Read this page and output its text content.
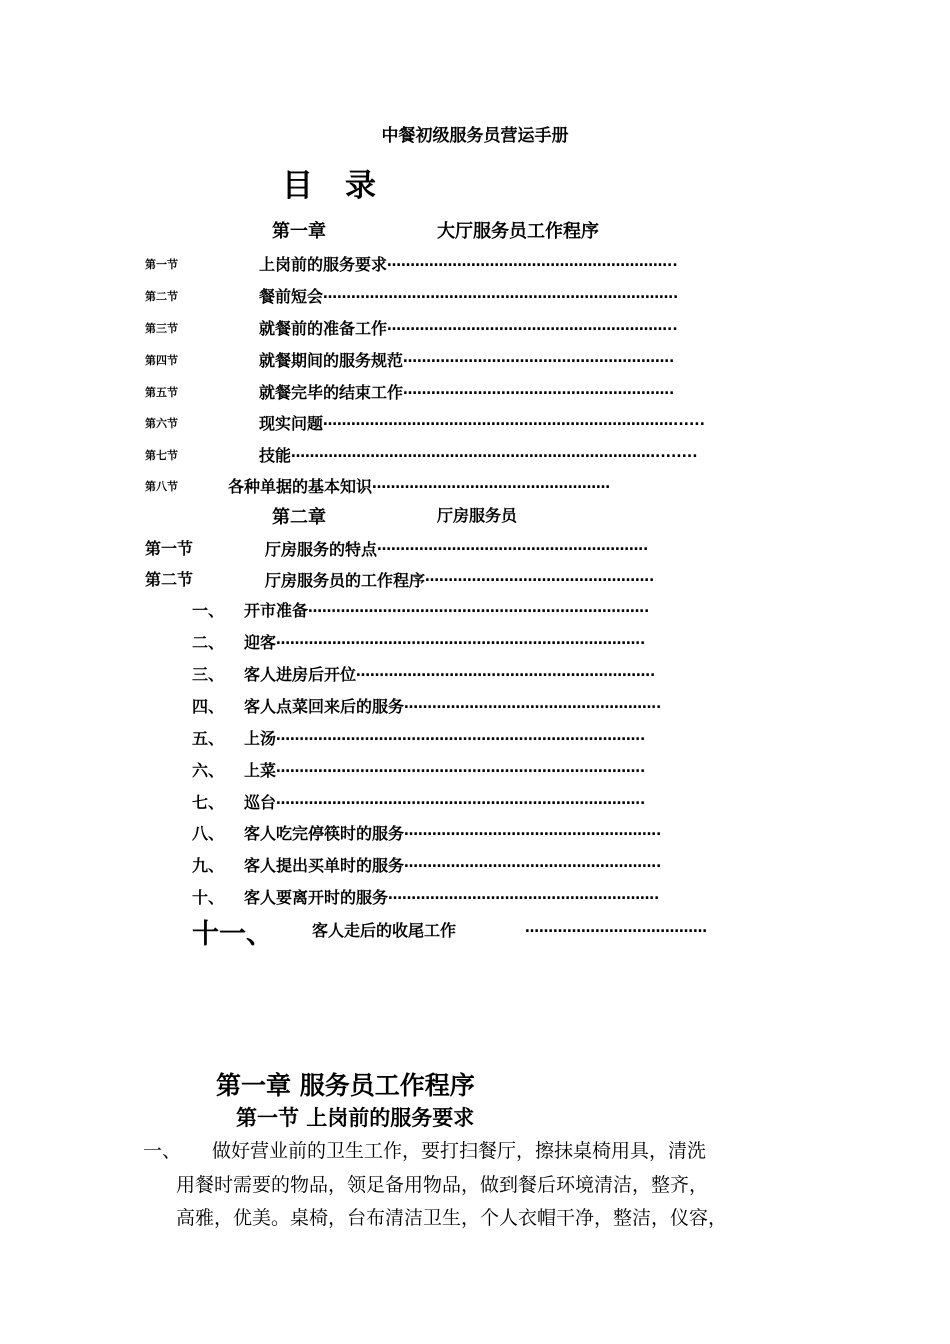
中餐初级服务员营运手册
目录
第一章	大厅服务员工作程序
第一节	上岗前的服务要求 ……………………………………………………..
第二节	餐前短会 ………………………………………………………………….
第三节	就餐前的准备工作 ……………………………………………………..
第四节	就餐期间的服务规范 ………………………………………………….
第五节	就餐完毕的结束工作 ………………………………………………….
第六节	现实问题 …………………………………………………………………......
第七节	技能 ……………………………………………………………………........
第八节	各种单据的基本知识 ……………………………………………
第二章	厅房服务员
第一节	厅房服务的特点 ………………………………………………….
第二节	厅房服务员的工作程序 ………………………………………….
一、 开市准备 ……………………………………………………………….
二、 迎客 …………………………………………………………………….
三、 客人进房后开位 ……………………………………………………….
四、 客人点菜回来后的服务 ……………………………………………….
五、 上汤 …………………………………………………………………….
六、 上菜 …………………………………………………………………….
七、 巡台 …………………………………………………………………….
八、 客人吃完停筷时的服务 ……………………………………………….
九、 客人提出买单时的服务 ……………………………………………….
十、 客人要离开时的服务 ………………………………………………….
十一、 客人走后的收尾工作	…………………………………
第一章 服务员工作程序
第一节 上岗前的服务要求
一、 做好营业前的卫生工作，要打扫餐厅，擦抹桌椅用具，清洗
用餐时需要的物品，领足备用物品，做到餐后环境清洁，整齐，
高雅，优美。桌椅，台布清洁卫生，个人衣帽干净，整洁，仪容，
